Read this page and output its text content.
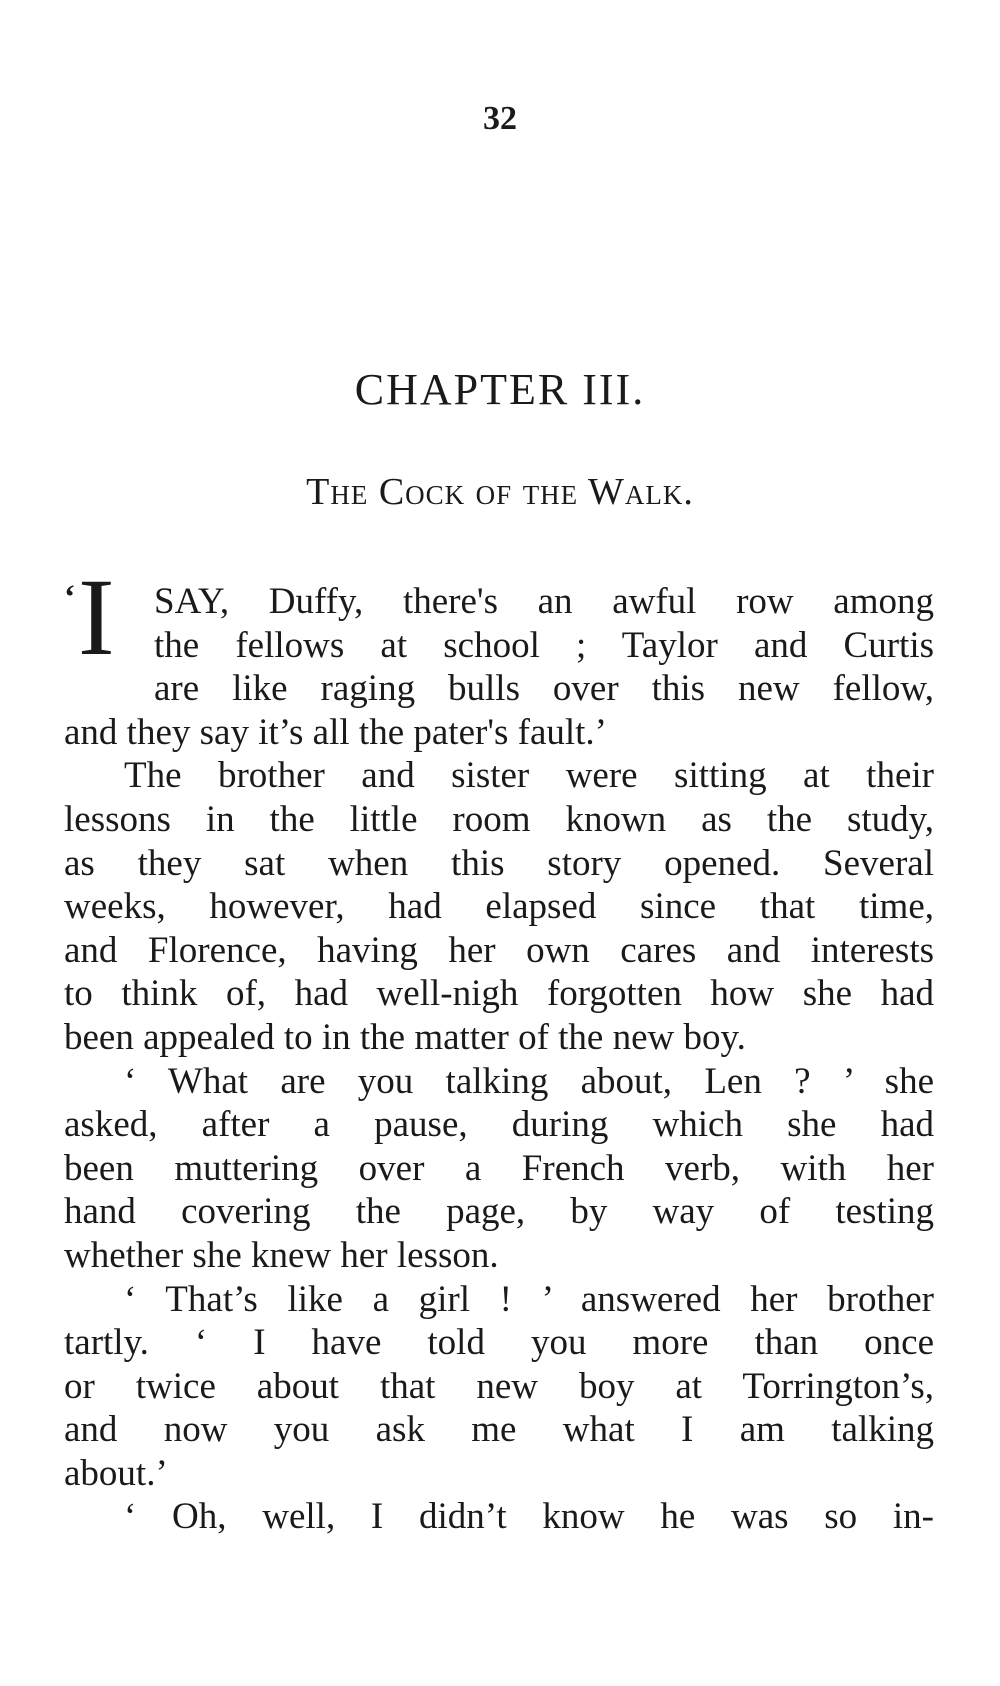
32
CHAPTER III.
The Cock of the Walk.
‘ I	SAY, Duffy, there's an awful row among
the fellows at school ; Taylor and Curtis
are like raging bulls over this new fellow,
and they say it’s all the pater's fault.’
The brother and sister were sitting at their
lessons in the little room known as the study,
as they sat when this story opened. Several
weeks, however, had elapsed since that time,
and Florence, having her own cares and interests
to think of, had well-nigh forgotten how she had
been appealed to in the matter of the new boy.
‘ What are you talking about, Len ? ’ she
asked, after a pause, during which she had
been muttering over a French verb, with her
hand covering the page, by way of testing
whether she knew her lesson.
‘ That’s like a girl ! ’ answered her brother
tartly. ‘ I have told you more than once
or twice about that new boy at Torrington’s,
and now you ask me what I am talking
about.’
‘ Oh, well, I didn’t know he was so in-
